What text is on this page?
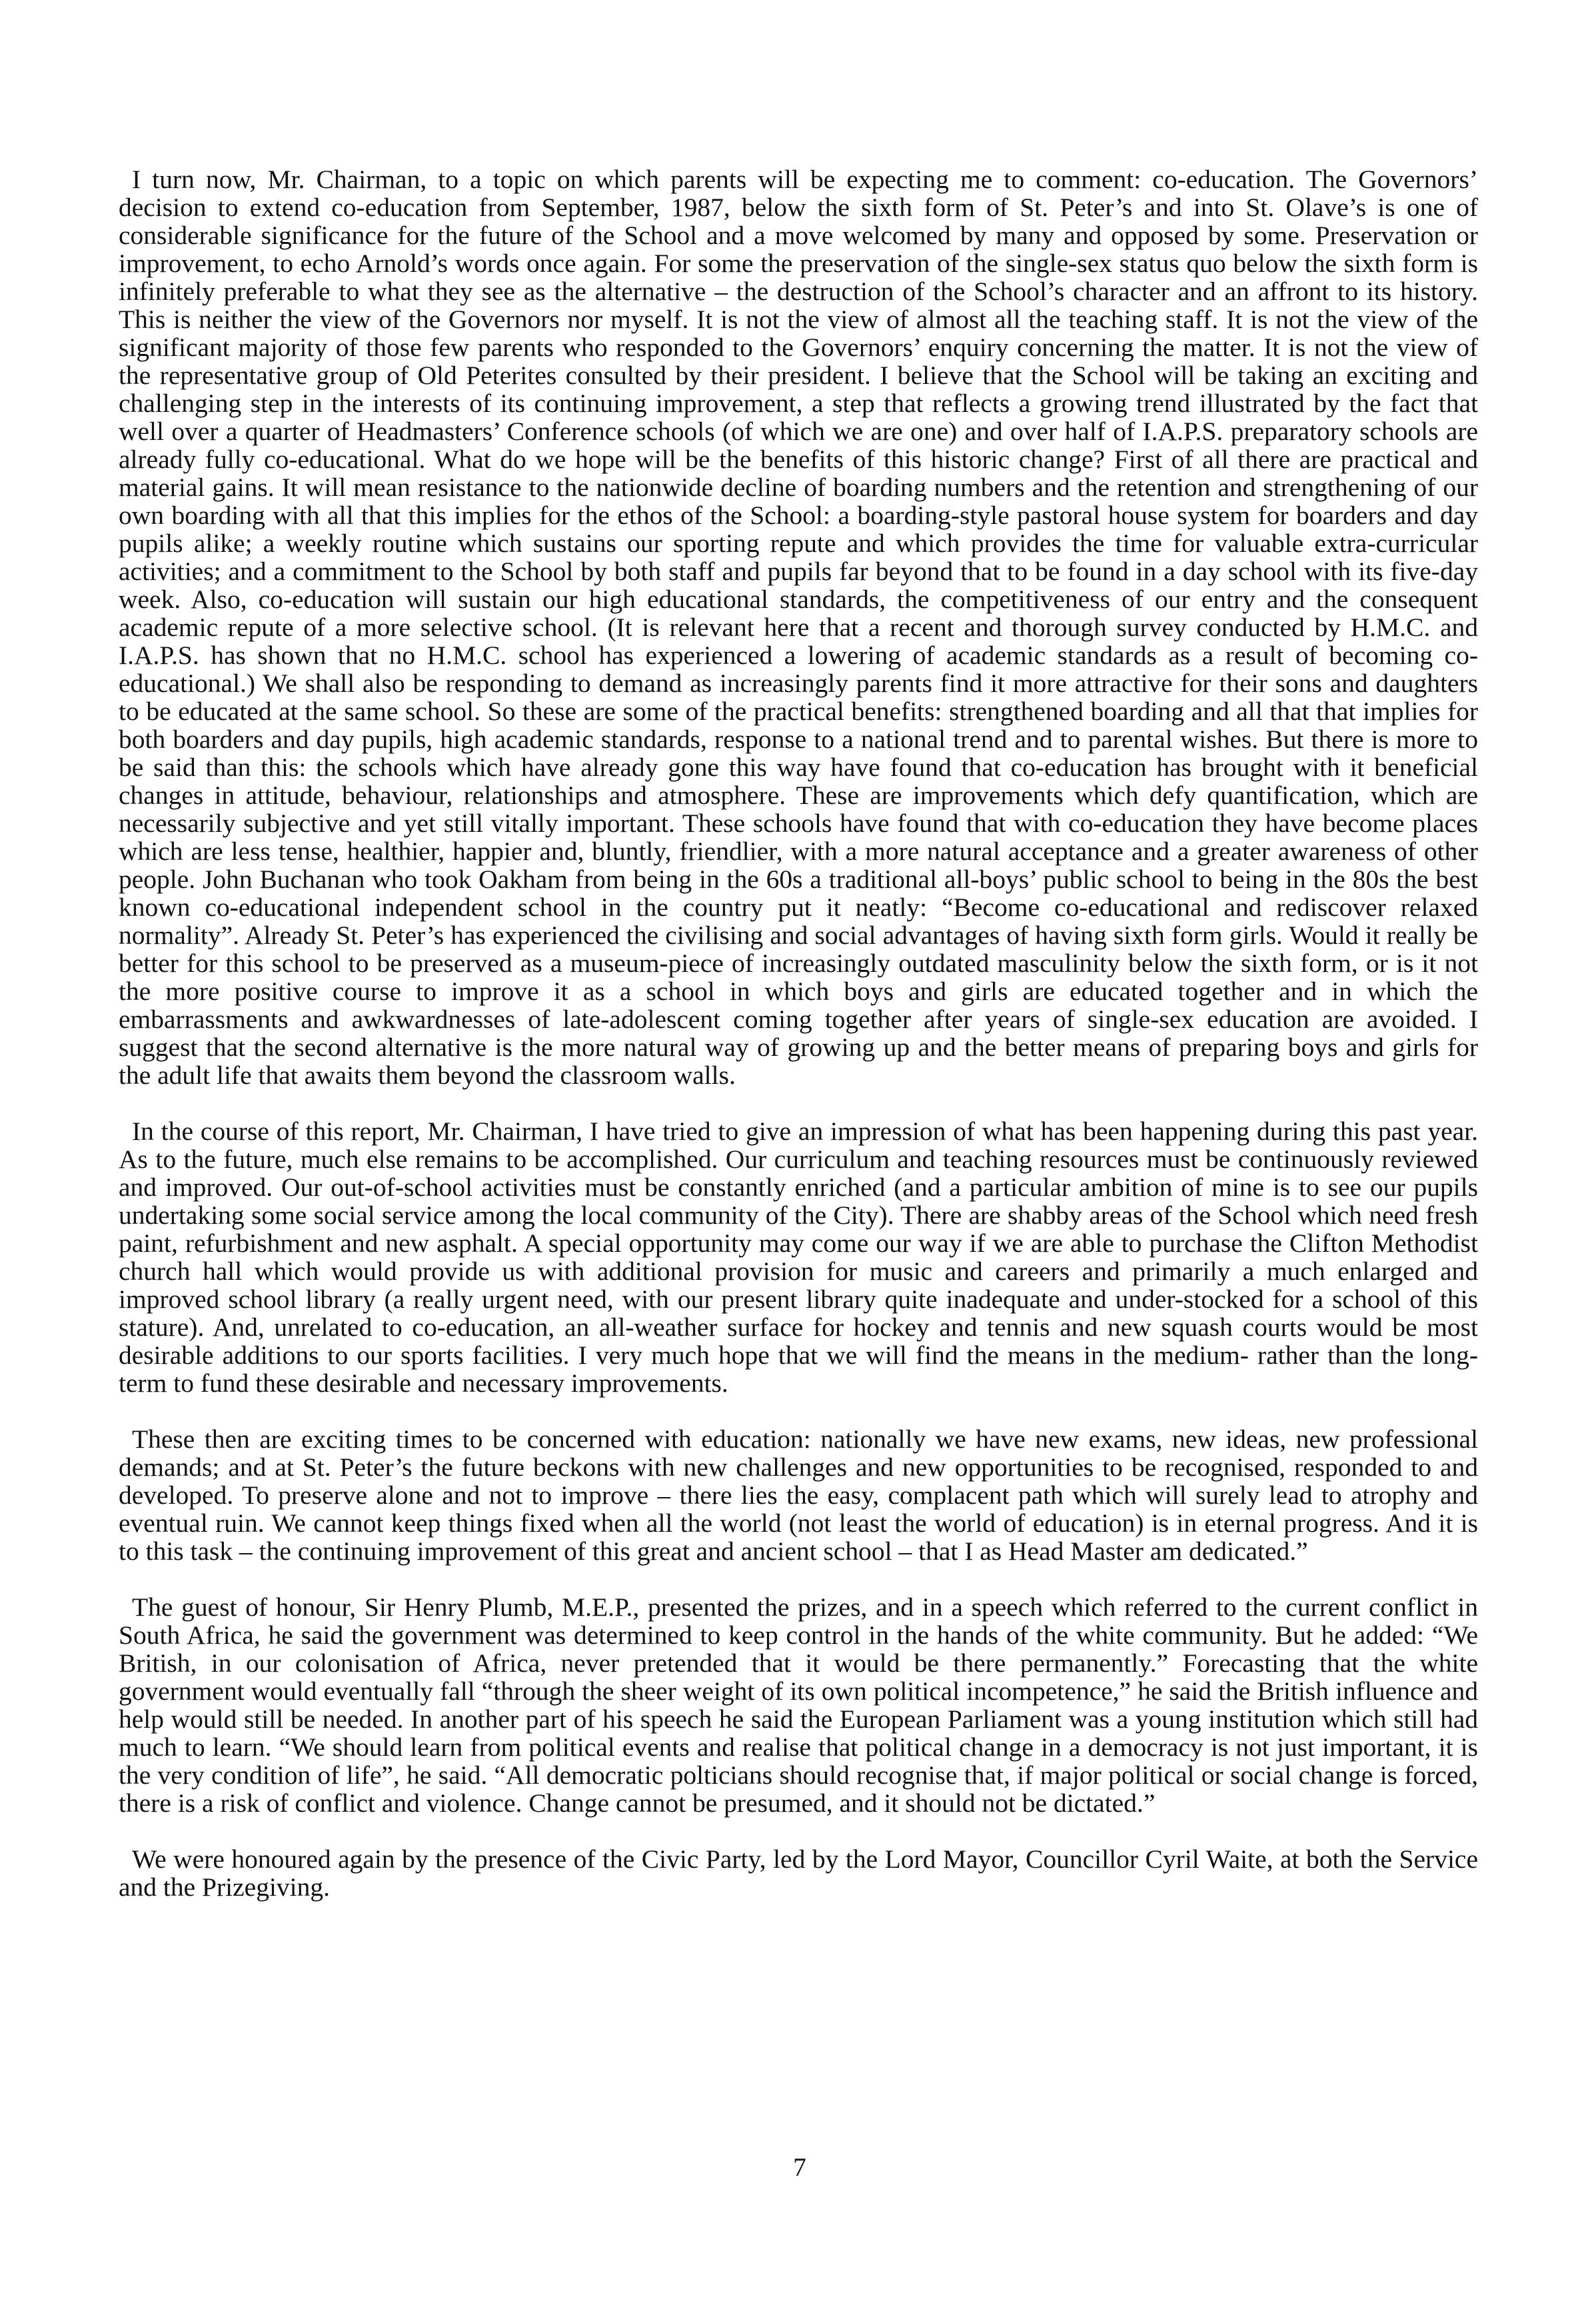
I turn now, Mr. Chairman, to a topic on which parents will be expecting me to comment: co-education. The Governors’ decision to extend co-education from September, 1987, below the sixth form of St. Peter’s and into St. Olave’s is one of considerable significance for the future of the School and a move welcomed by many and opposed by some. Preservation or improvement, to echo Arnold’s words once again. For some the preservation of the single-sex status quo below the sixth form is infinitely preferable to what they see as the alternative – the destruction of the School’s character and an affront to its history. This is neither the view of the Governors nor myself. It is not the view of almost all the teaching staff. It is not the view of the significant majority of those few parents who responded to the Governors’ enquiry concerning the matter. It is not the view of the representative group of Old Peterites consulted by their president. I believe that the School will be taking an exciting and challenging step in the interests of its continuing improvement, a step that reflects a growing trend illustrated by the fact that well over a quarter of Headmasters’ Conference schools (of which we are one) and over half of I.A.P.S. preparatory schools are already fully co-educational. What do we hope will be the benefits of this historic change? First of all there are practical and material gains. It will mean resistance to the nationwide decline of boarding numbers and the retention and strengthening of our own boarding with all that this implies for the ethos of the School: a boarding-style pastoral house system for boarders and day pupils alike; a weekly routine which sustains our sporting repute and which provides the time for valuable extra-curricular activities; and a commitment to the School by both staff and pupils far beyond that to be found in a day school with its five-day week. Also, co-education will sustain our high educational standards, the competitiveness of our entry and the consequent academic repute of a more selective school. (It is relevant here that a recent and thorough survey conducted by H.M.C. and I.A.P.S. has shown that no H.M.C. school has experienced a lowering of academic standards as a result of becoming co-educational.) We shall also be responding to demand as increasingly parents find it more attractive for their sons and daughters to be educated at the same school. So these are some of the practical benefits: strengthened boarding and all that that implies for both boarders and day pupils, high academic standards, response to a national trend and to parental wishes. But there is more to be said than this: the schools which have already gone this way have found that co-education has brought with it beneficial changes in attitude, behaviour, relationships and atmosphere. These are improvements which defy quantification, which are necessarily subjective and yet still vitally important. These schools have found that with co-education they have become places which are less tense, healthier, happier and, bluntly, friendlier, with a more natural acceptance and a greater awareness of other people. John Buchanan who took Oakham from being in the 60s a traditional all-boys’ public school to being in the 80s the best known co-educational independent school in the country put it neatly: “Become co-educational and rediscover relaxed normality”. Already St. Peter’s has experienced the civilising and social advantages of having sixth form girls. Would it really be better for this school to be preserved as a museum-piece of increasingly outdated masculinity below the sixth form, or is it not the more positive course to improve it as a school in which boys and girls are educated together and in which the embarrassments and awkwardnesses of late-adolescent coming together after years of single-sex education are avoided. I suggest that the second alternative is the more natural way of growing up and the better means of preparing boys and girls for the adult life that awaits them beyond the classroom walls.

In the course of this report, Mr. Chairman, I have tried to give an impression of what has been happening during this past year. As to the future, much else remains to be accomplished. Our curriculum and teaching resources must be continuously reviewed and improved. Our out-of-school activities must be constantly enriched (and a particular ambition of mine is to see our pupils undertaking some social service among the local community of the City). There are shabby areas of the School which need fresh paint, refurbishment and new asphalt. A special opportunity may come our way if we are able to purchase the Clifton Methodist church hall which would provide us with additional provision for music and careers and primarily a much enlarged and improved school library (a really urgent need, with our present library quite inadequate and under-stocked for a school of this stature). And, unrelated to co-education, an all-weather surface for hockey and tennis and new squash courts would be most desirable additions to our sports facilities. I very much hope that we will find the means in the medium- rather than the long-term to fund these desirable and necessary improvements.

These then are exciting times to be concerned with education: nationally we have new exams, new ideas, new professional demands; and at St. Peter’s the future beckons with new challenges and new opportunities to be recognised, responded to and developed. To preserve alone and not to improve – there lies the easy, complacent path which will surely lead to atrophy and eventual ruin. We cannot keep things fixed when all the world (not least the world of education) is in eternal progress. And it is to this task – the continuing improvement of this great and ancient school – that I as Head Master am dedicated.”

The guest of honour, Sir Henry Plumb, M.E.P., presented the prizes, and in a speech which referred to the current conflict in South Africa, he said the government was determined to keep control in the hands of the white community. But he added: “We British, in our colonisation of Africa, never pretended that it would be there permanently.” Forecasting that the white government would eventually fall “through the sheer weight of its own political incompetence,” he said the British influence and help would still be needed. In another part of his speech he said the European Parliament was a young institution which still had much to learn. “We should learn from political events and realise that political change in a democracy is not just important, it is the very condition of life”, he said. “All democratic polticians should recognise that, if major political or social change is forced, there is a risk of conflict and violence. Change cannot be presumed, and it should not be dictated.”

We were honoured again by the presence of the Civic Party, led by the Lord Mayor, Councillor Cyril Waite, at both the Service and the Prizegiving.

7
